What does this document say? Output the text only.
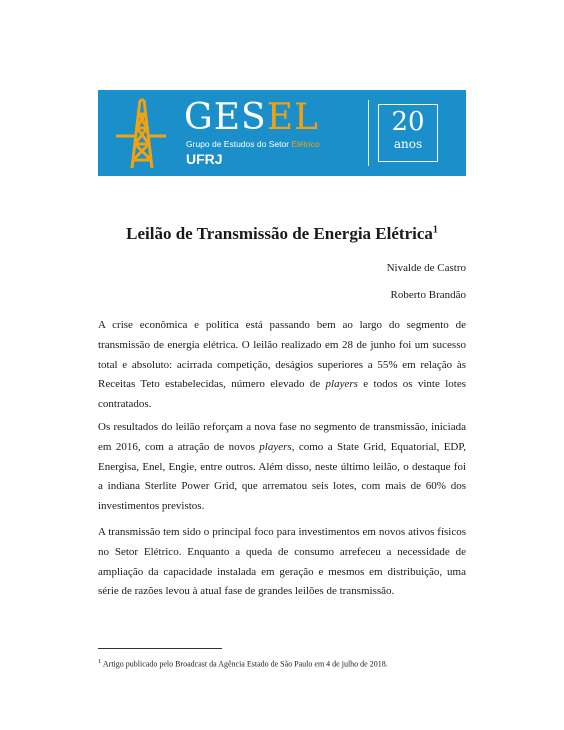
GESEL
Grupo de Estudos do Setor Elétrico
UFRJ
20
anos
Leilão de Transmissão de Energia Elétrica$^1$
Nivalde de Castro
Roberto Brandão

A crise econômica e política está passando bem ao largo do segmento de transmissão de energia elétrica. O leilão realizado em 28 de junho foi um sucesso total e absoluto: acirrada competição, deságios superiores a 55% em relação às Receitas Teto estabelecidas, número elevado de players e todos os vinte lotes contratados.

Os resultados do leilão reforçam a nova fase no segmento de transmissão, iniciada em 2016, com a atração de novos players, como a State Grid, Equatorial, EDP, Energisa, Enel, Engie, entre outros. Além disso, neste último leilão, o destaque foi a indiana Sterlite Power Grid, que arrematou seis lotes, com mais de 60% dos investimentos previstos.

A transmissão tem sido o principal foco para investimentos em novos ativos físicos no Setor Elétrico. Enquanto a queda de consumo arrefeceu a necessidade de ampliação da capacidade instalada em geração e mesmos em distribuição, uma série de razões levou à atual fase de grandes leilões de transmissão.

$^1$ Artigo publicado pelo Broadcast da Agência Estado de São Paulo em 4 de julho de 2018.
